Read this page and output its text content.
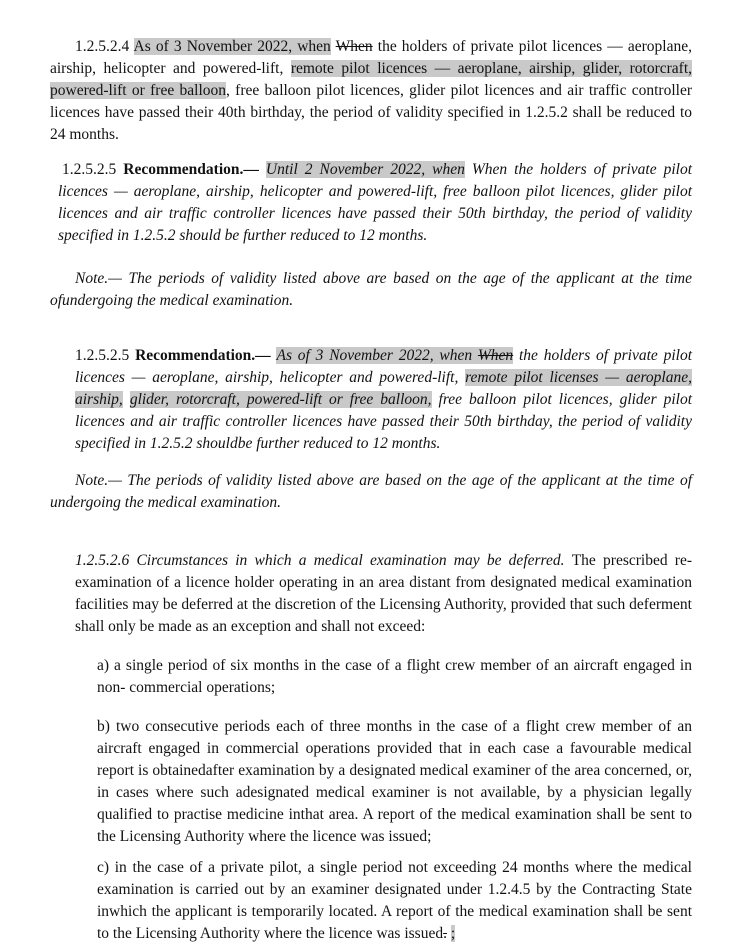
1.2.5.2.4 As of 3 November 2022, when When the holders of private pilot licences — aeroplane, airship, helicopter and powered-lift, remote pilot licences — aeroplane, airship, glider, rotorcraft, powered-lift or free balloon, free balloon pilot licences, glider pilot licences and air traffic controller licences have passed their 40th birthday, the period of validity specified in 1.2.5.2 shall be reduced to 24 months.

1.2.5.2.5 Recommendation.— Until 2 November 2022, when When the holders of private pilot licences — aeroplane, airship, helicopter and powered-lift, free balloon pilot licences, glider pilot licences and air traffic controller licences have passed their 50th birthday, the period of validity specified in 1.2.5.2 should be further reduced to 12 months.

Note.— The periods of validity listed above are based on the age of the applicant at the time ofundergoing the medical examination.

1.2.5.2.5 Recommendation.— As of 3 November 2022, when When the holders of private pilot licences — aeroplane, airship, helicopter and powered-lift, remote pilot licenses — aeroplane, airship, glider, rotorcraft, powered-lift or free balloon, free balloon pilot licences, glider pilot licences and air traffic controller licences have passed their 50th birthday, the period of validity specified in 1.2.5.2 shouldbe further reduced to 12 months.

Note.— The periods of validity listed above are based on the age of the applicant at the time of undergoing the medical examination.

1.2.5.2.6 Circumstances in which a medical examination may be deferred. The prescribed re-examination of a licence holder operating in an area distant from designated medical examination facilities may be deferred at the discretion of the Licensing Authority, provided that such deferment shall only be made as an exception and shall not exceed:

a) a single period of six months in the case of a flight crew member of an aircraft engaged in non- commercial operations;

b) two consecutive periods each of three months in the case of a flight crew member of an aircraft engaged in commercial operations provided that in each case a favourable medical report is obtainedafter examination by a designated medical examiner of the area concerned, or, in cases where such adesignated medical examiner is not available, by a physician legally qualified to practise medicine inthat area. A report of the medical examination shall be sent to the Licensing Authority where the licence was issued;

c) in the case of a private pilot, a single period not exceeding 24 months where the medical examination is carried out by an examiner designated under 1.2.4.5 by the Contracting State inwhich the applicant is temporarily located. A report of the medical examination shall be sent to the Licensing Authority where the licence was issued. ;
